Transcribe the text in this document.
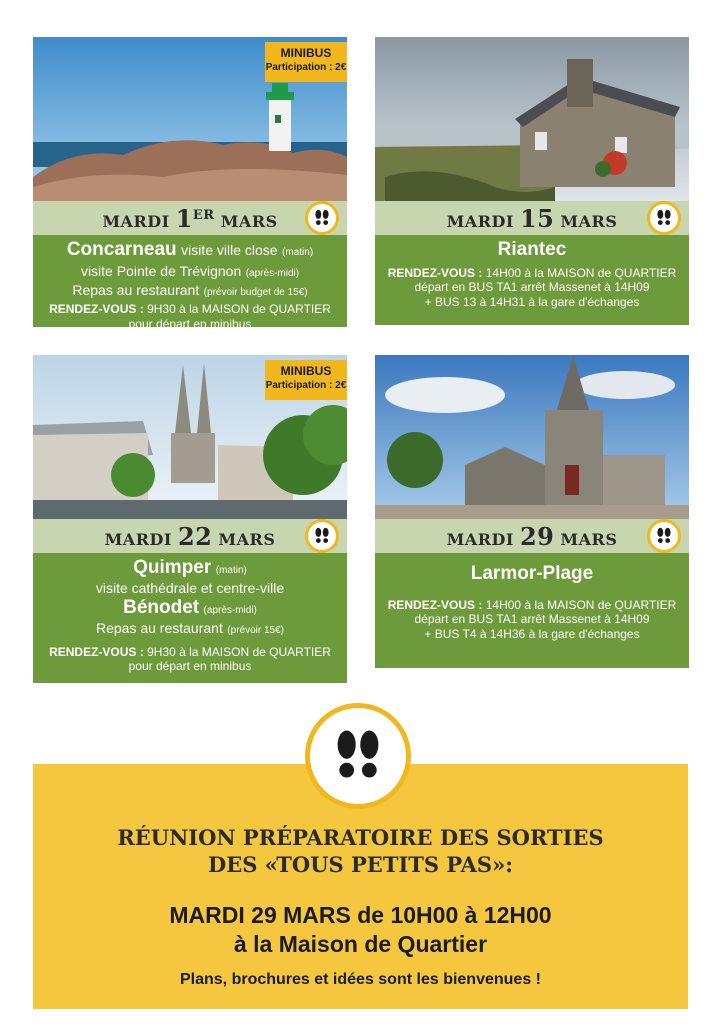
MINIBUS
Participation : 2€
MARDI 1ER MARS
Concarneau visite ville close (matin)
visite Pointe de Trévignon (après-midi)
Repas au restaurant (prévoir budget de 15€)
RENDEZ-VOUS : 9H30 à la MAISON de QUARTIER
pour départ en minibus
MARDI 15 MARS
Riantec
RENDEZ-VOUS : 14H00 à la MAISON de QUARTIER
départ en BUS TA1 arrêt Massenet à 14H09
+ BUS 13 à 14H31 à la gare d'échanges
MINIBUS
Participation : 2€
MARDI 22 MARS
Quimper (matin)
visite cathédrale et centre-ville
Bénodet (après-midi)
Repas au restaurant (prévoir 15€)
RENDEZ-VOUS : 9H30 à la MAISON de QUARTIER
pour départ en minibus
MARDI 29 MARS
Larmor-Plage
RENDEZ-VOUS : 14H00 à la MAISON de QUARTIER
départ en BUS TA1 arrêt Massenet à 14H09
+ BUS T4 à 14H36 à la gare d'échanges
RÉUNION PRÉPARATOIRE DES SORTIES
DES «TOUS PETITS PAS»:
MARDI 29 MARS de 10H00 à 12H00
à la Maison de Quartier
Plans, brochures et idées sont les bienvenues !
